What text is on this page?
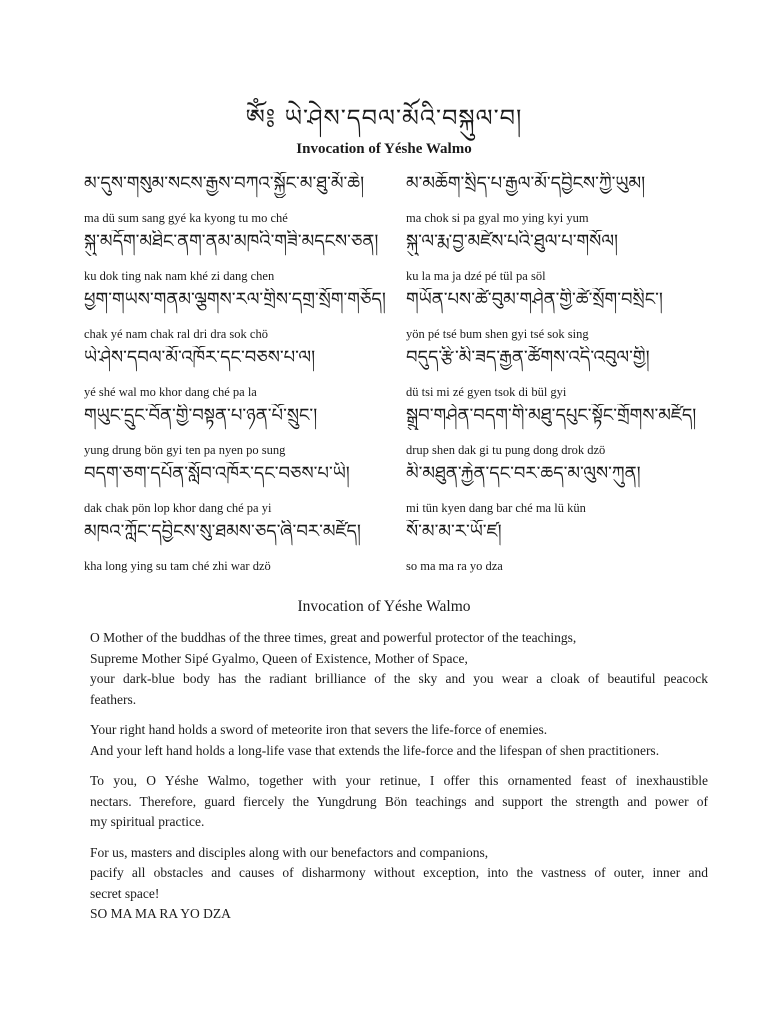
ཨོཾ༔ ཡེ་ཤེས་དབལ་མོའི་བསྐུལ་བ།
Invocation of Yéshe Walmo
མ་དུས་གསུམ་སངས་རྒྱས་བཀའ་སྐྱོང་མ་ཐུ་མོ་ཆེ།
ma dü sum sang gyé ka kyong tu mo ché
སྐུ་མདོག་མཐིང་ནག་ནམ་མཁའི་གཟི་མདངས་ཅན།
ku dok ting nak nam khé zi dang chen
ཕྱག་གཡས་གནམ་ལྕགས་རལ་གྲིས་དགྲ་སྲོག་གཅོད།
chak yé nam chak ral dri dra sok chö
ཡེ་ཤེས་དབལ་མོ་འཁོར་དང་བཅས་པ་ལ།
yé shé wal mo khor dang ché pa la
གཡུང་དྲུང་བོན་གྱི་བསྟན་པ་ཉན་པོ་སྲུང་།
yung drung bön gyi ten pa nyen po sung
བདག་ཅག་དཔོན་སློབ་འཁོར་དང་བཅས་པ་ཡི།
dak chak pön lop khor dang ché pa yi
མཁའ་ཀློང་དབྱིངས་སུ་ཐམས་ཅད་ཞི་བར་མཛོད།
kha long ying su tam ché zhi war dzö
མ་མཆོག་སྲིད་པ་རྒྱལ་མོ་དབྱིངས་ཀྱི་ཡུམ།
ma chok si pa gyal mo ying kyi yum
སྐུ་ལ་རྨ་བྱ་མཛེས་པའི་ཐུལ་པ་གསོལ།
ku la ma ja dzé pé tül pa söl
གཡོན་པས་ཚེ་བུམ་གཤེན་གྱི་ཚེ་སྲོག་བསྲིང་།
yön pé tsé bum shen gyi tsé sok sing
བདུད་རྩི་མི་ཟད་རྒྱན་ཚོགས་འདི་འབུལ་གྱི།
dü tsi mi zé gyen tsok di bül gyi
སྒྲུབ་གཤེན་བདག་གི་མཐུ་དཔུང་སྟོང་གྲོགས་མཛོད།
drup shen dak gi tu pung dong drok dzö
མི་མཐུན་རྐྱེན་དང་བར་ཆད་མ་ལུས་ཀུན།
mi tün kyen dang bar ché ma lü kün
སོ་མ་མ་ར་ཡོ་ཛ།
so ma ma ra yo dza
Invocation of Yéshe Walmo
O Mother of the buddhas of the three times, great and powerful protector of the teachings,
Supreme Mother Sipé Gyalmo, Queen of Existence, Mother of Space,
your dark-blue body has the radiant brilliance of the sky and you wear a cloak of beautiful peacock
feathers.
Your right hand holds a sword of meteorite iron that severs the life-force of enemies.
And your left hand holds a long-life vase that extends the life-force and the lifespan of shen practitioners.
To you, O Yéshe Walmo, together with your retinue, I offer this ornamented feast of inexhaustible
nectars. Therefore, guard fiercely the Yungdrung Bön teachings and support the strength and power of
my spiritual practice.
For us, masters and disciples along with our benefactors and companions,
pacify all obstacles and causes of disharmony without exception, into the vastness of outer, inner and
secret space!
SO MA MA RA YO DZA
